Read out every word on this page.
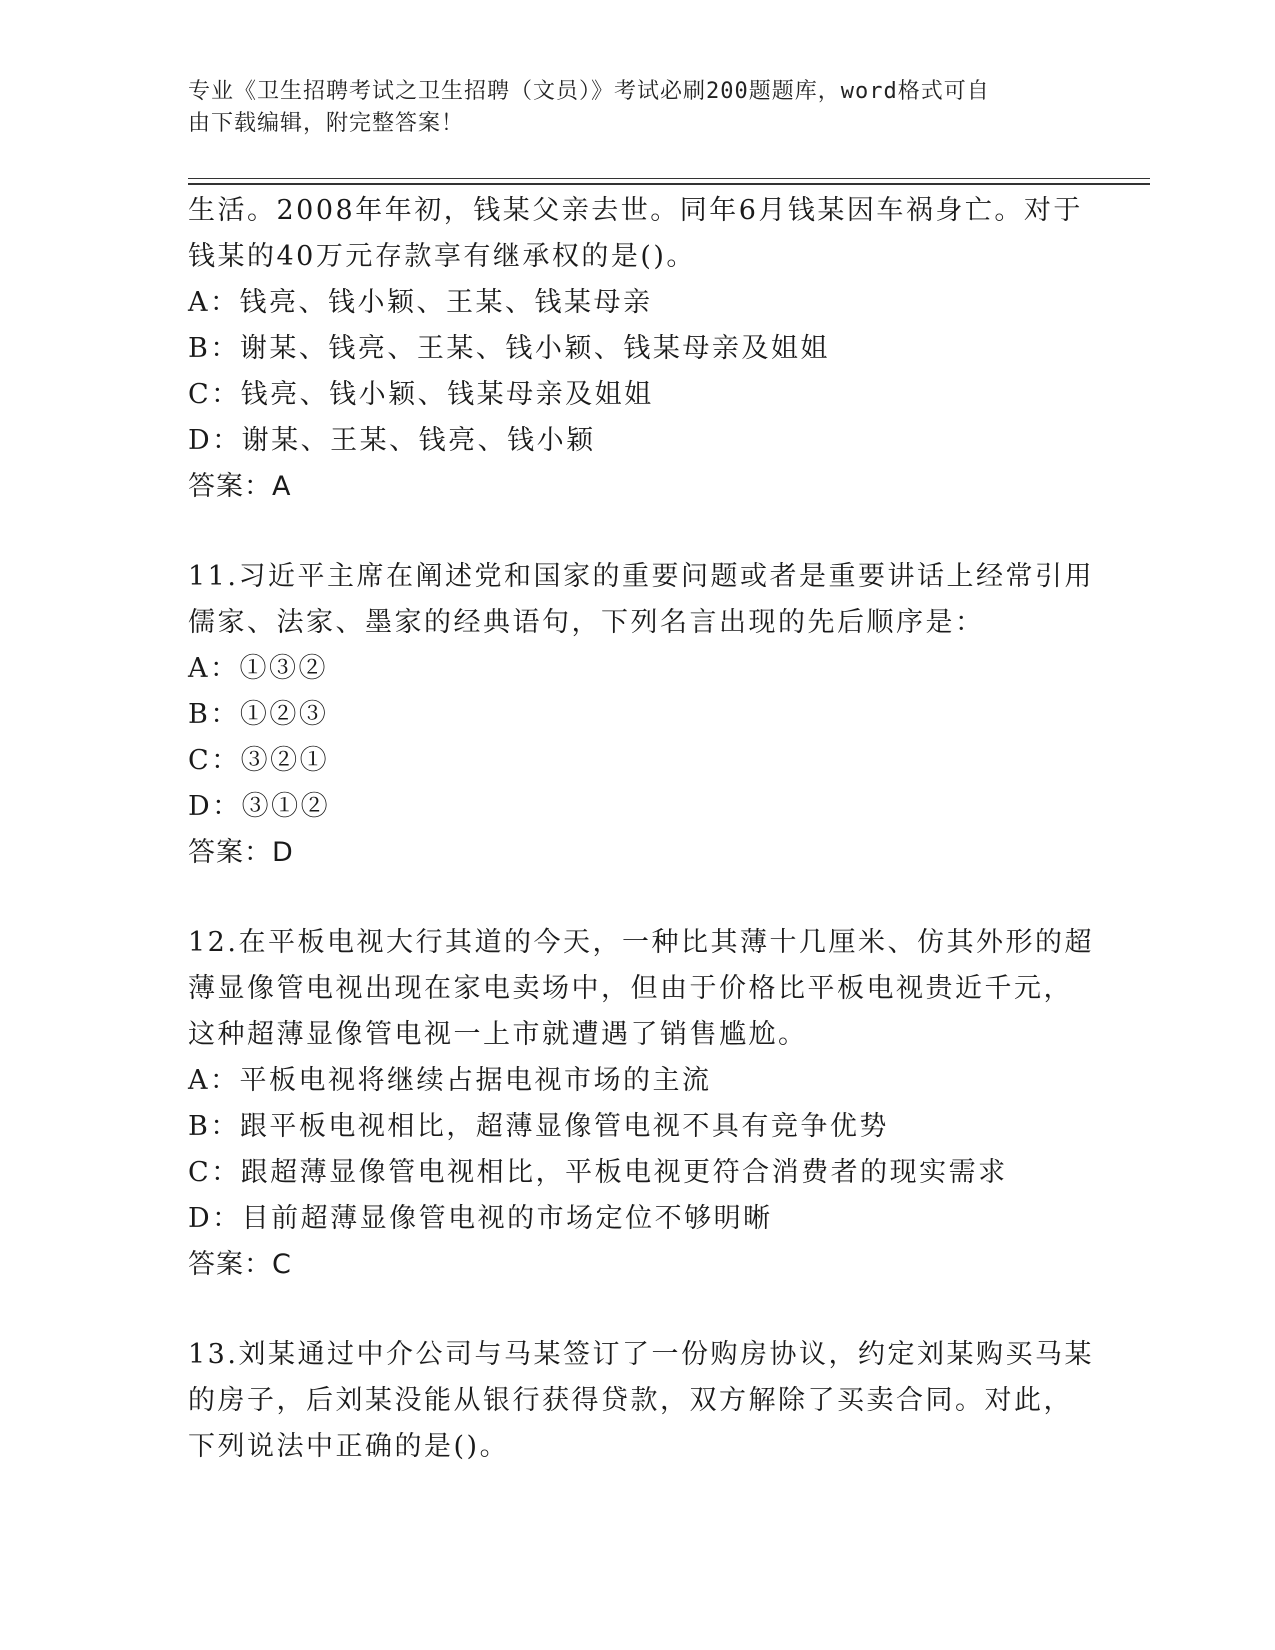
专业《卫生招聘考试之卫生招聘（文员）》考试必刷200题题库，word格式可自
由下载编辑，附完整答案！
生活。2008年年初，钱某父亲去世。同年6月钱某因车祸身亡。对于
钱某的40万元存款享有继承权的是()。
A：钱亮、钱小颖、王某、钱某母亲
B：谢某、钱亮、王某、钱小颖、钱某母亲及姐姐
C：钱亮、钱小颖、钱某母亲及姐姐
D：谢某、王某、钱亮、钱小颖
答案：A
11.习近平主席在阐述党和国家的重要问题或者是重要讲话上经常引用
儒家、法家、墨家的经典语句，下列名言出现的先后顺序是：
A：①③②
B：①②③
C：③②①
D：③①②
答案：D
12.在平板电视大行其道的今天，一种比其薄十几厘米、仿其外形的超
薄显像管电视出现在家电卖场中，但由于价格比平板电视贵近千元，
这种超薄显像管电视一上市就遭遇了销售尴尬。
A：平板电视将继续占据电视市场的主流
B：跟平板电视相比，超薄显像管电视不具有竞争优势
C：跟超薄显像管电视相比，平板电视更符合消费者的现实需求
D：目前超薄显像管电视的市场定位不够明晰
答案：C
13.刘某通过中介公司与马某签订了一份购房协议，约定刘某购买马某
的房子，后刘某没能从银行获得贷款，双方解除了买卖合同。对此，
下列说法中正确的是()。
